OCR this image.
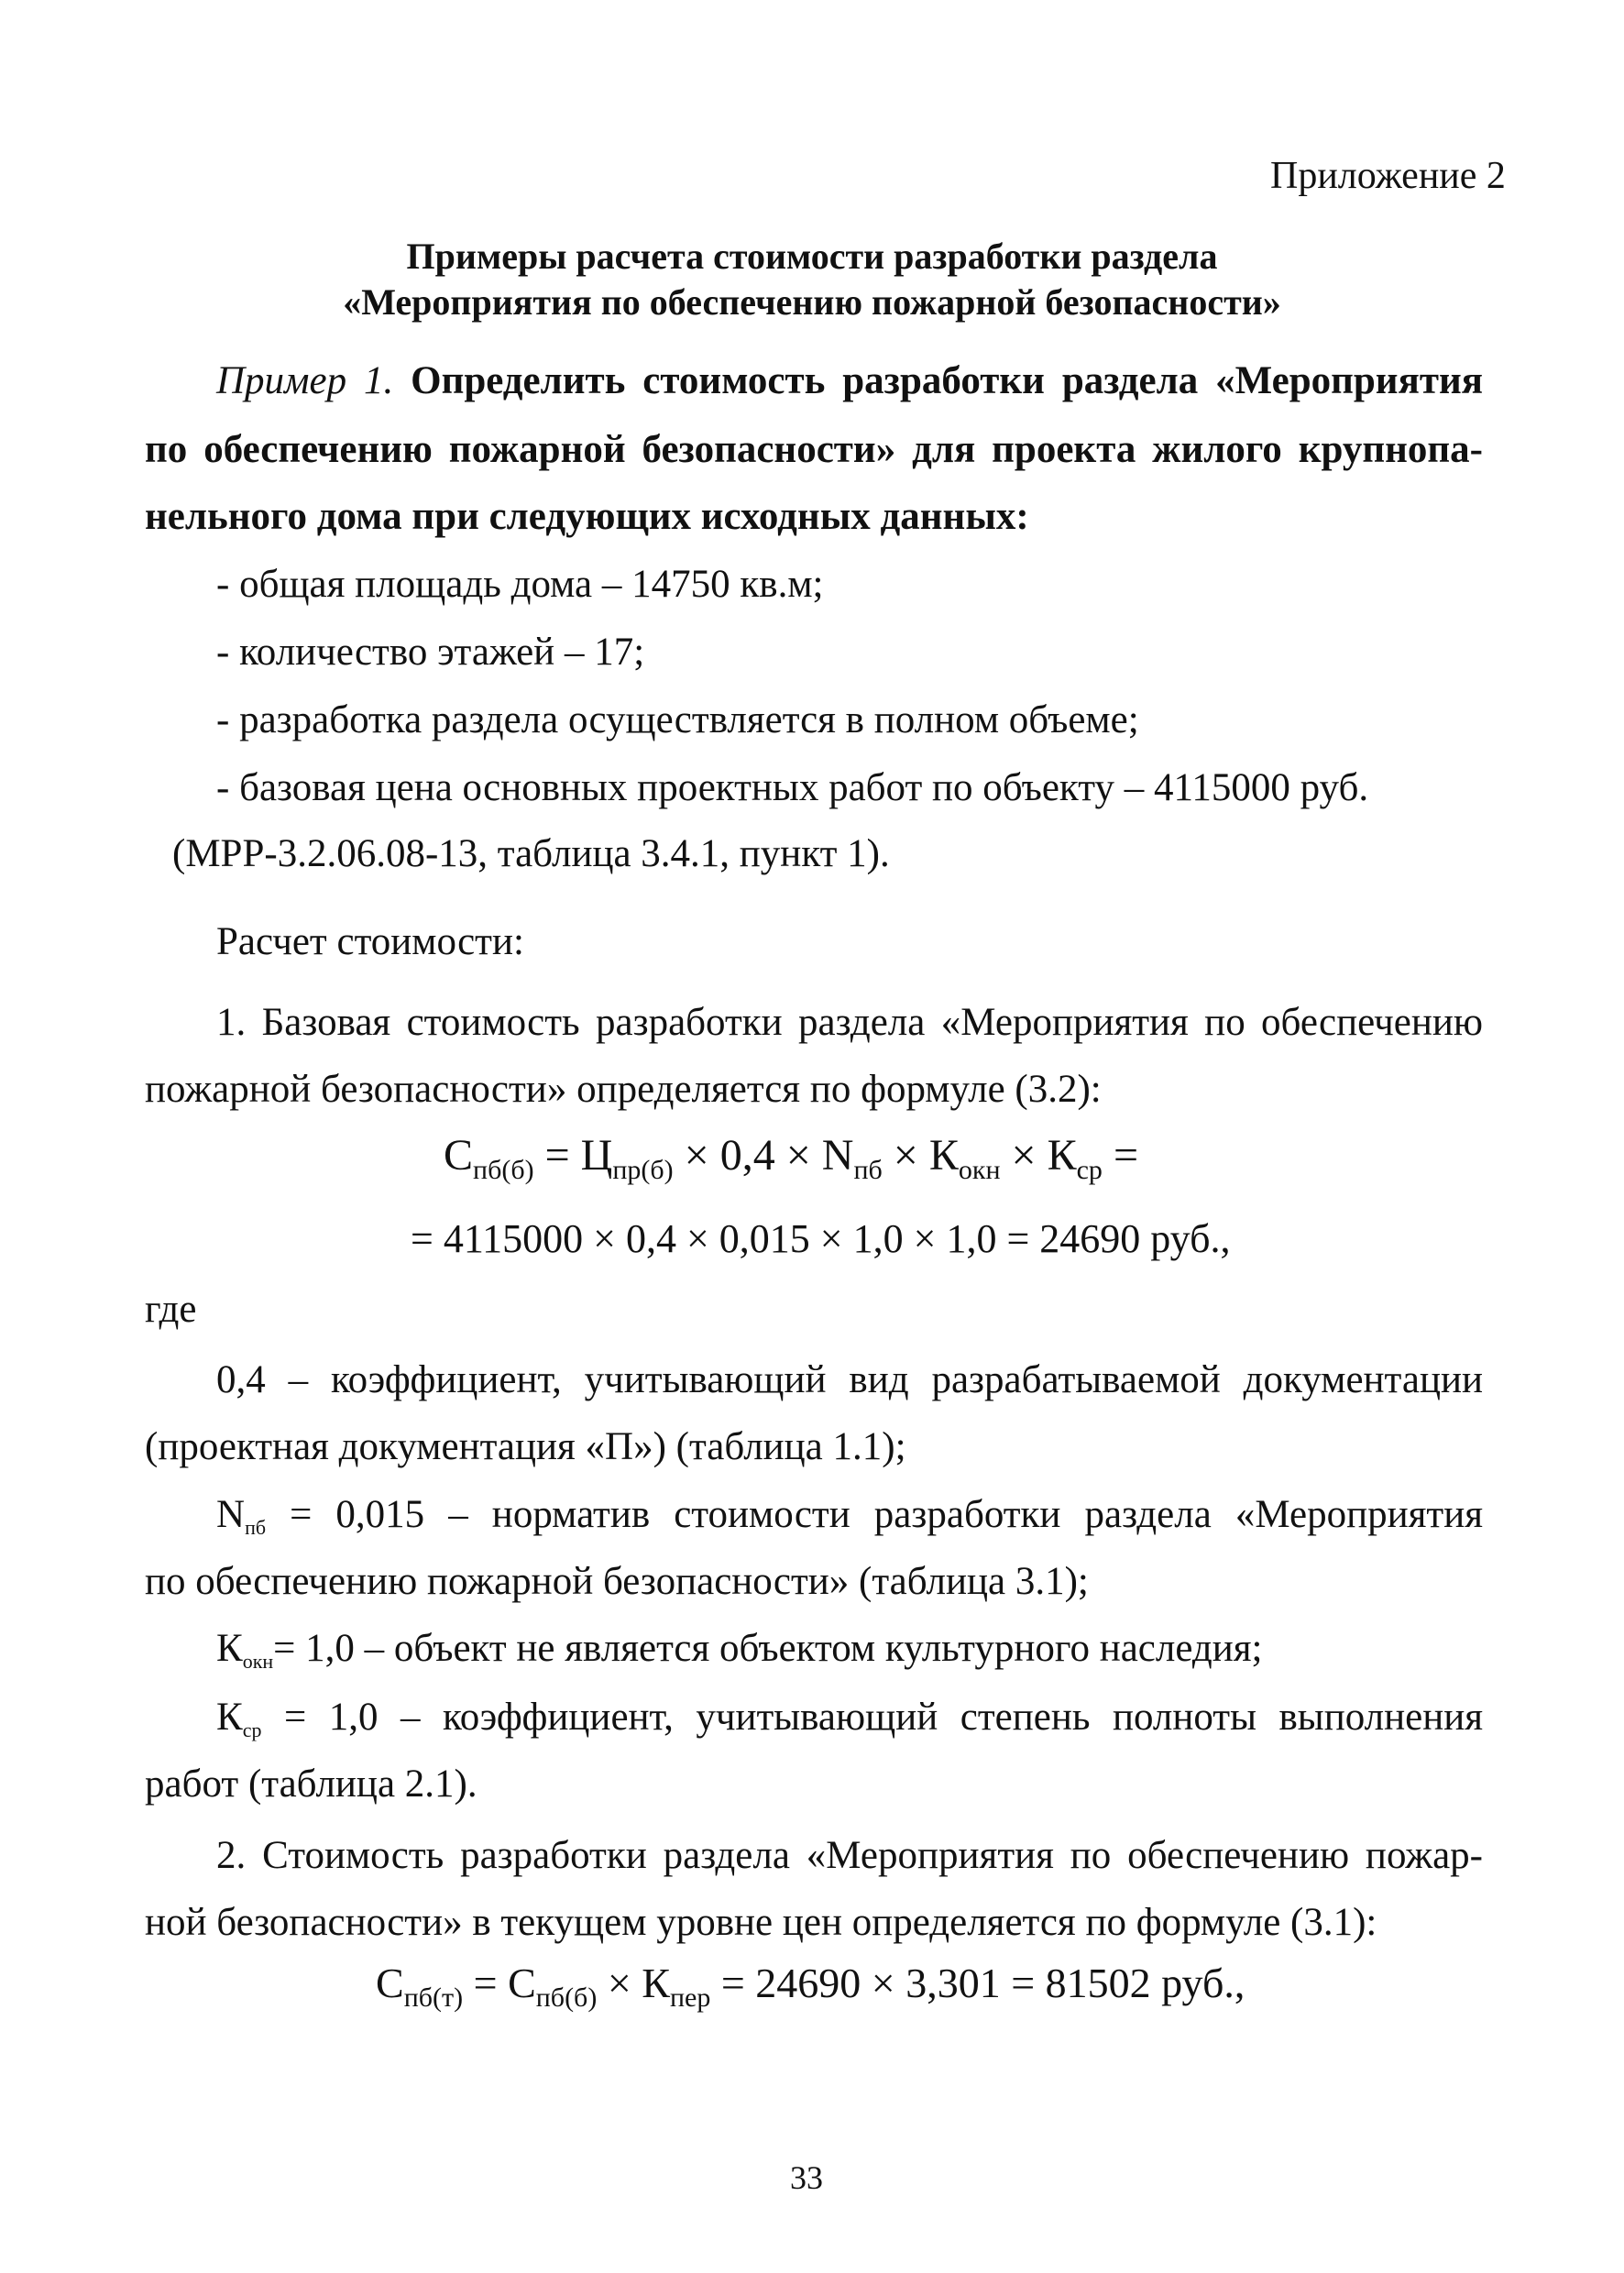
Приложение 2
Примеры расчета стоимости разработки раздела
«Мероприятия по обеспечению пожарной безопасности»
Пример 1. Определить стоимость разработки раздела «Мероприятия
по обеспечению пожарной безопасности» для проекта жилого крупнопа-
нельного дома при следующих исходных данных:
- общая площадь дома – 14750 кв.м;
- количество этажей – 17;
- разработка раздела осуществляется в полном объеме;
- базовая цена основных проектных работ по объекту – 4115000 руб.
(МРР-3.2.06.08-13, таблица 3.4.1, пункт 1).
Расчет стоимости:
1. Базовая стоимость разработки раздела «Мероприятия по обеспечению
пожарной безопасности» определяется по формуле (3.2):
$С_{пб(б)} = Ц_{пр(б)} \times 0,4 \times N_{пб} \times К_{окн} \times К_{ср}$ =
= 4115000 × 0,4 × 0,015 × 1,0 × 1,0 = 24690 руб.,
где
0,4 – коэффициент, учитывающий вид разрабатываемой документации
(проектная документация «П») (таблица 1.1);
Nпб = 0,015 – норматив стоимости разработки раздела «Мероприятия
по обеспечению пожарной безопасности» (таблица 3.1);
Кокн= 1,0 – объект не является объектом культурного наследия;
Кср = 1,0 – коэффициент, учитывающий степень полноты выполнения
работ (таблица 2.1).
2. Стоимость разработки раздела «Мероприятия по обеспечению пожар-
ной безопасности» в текущем уровне цен определяется по формуле (3.1):
$С_{пб(т)} = С_{пб(б)} \times К_{пер} = 24690 \times 3,301 = 81502$ руб.,
33
